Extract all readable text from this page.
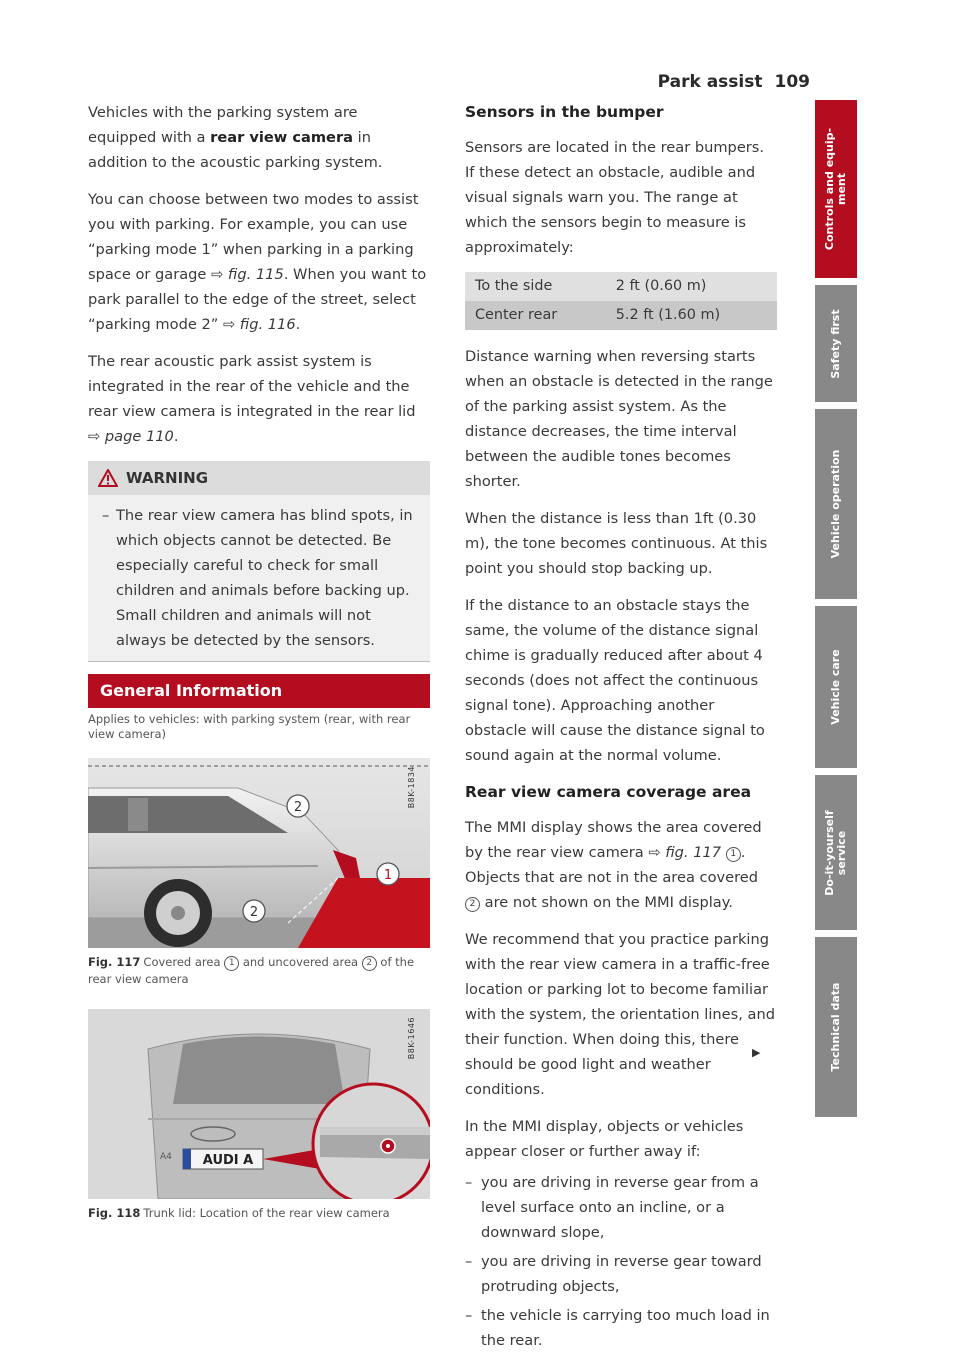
Park assist 109

Vehicles with the parking system are equipped with a rear view camera in addition to the acoustic parking system.

You can choose between two modes to assist you with parking. For example, you can use “parking mode 1” when parking in a parking space or garage ⇨ fig. 115. When you want to park parallel to the edge of the street, select “parking mode 2” ⇨ fig. 116.

The rear acoustic park assist system is integrated in the rear of the vehicle and the rear view camera is integrated in the rear lid ⇨ page 110.

WARNING
– The rear view camera has blind spots, in which objects cannot be detected. Be especially careful to check for small children and animals before backing up. Small children and animals will not always be detected by the sensors.
General Information
Applies to vehicles: with parking system (rear, with rear view camera)
2
1
2
B8K-1834
Fig. 117 Covered area 1 and uncovered area 2 of the rear view camera
AUDI A
A4
B8K-1646
Fig. 118 Trunk lid: Location of the rear view camera
Sensors in the bumper

Sensors are located in the rear bumpers. If these detect an obstacle, audible and visual signals warn you. The range at which the sensors begin to measure is approximately:

To the side	2 ft (0.60 m)
Center rear	5.2 ft (1.60 m)

Distance warning when reversing starts when an obstacle is detected in the range of the parking assist system. As the distance decreases, the time interval between the audible tones becomes shorter.

When the distance is less than 1ft (0.30 m), the tone becomes continuous. At this point you should stop backing up.

If the distance to an obstacle stays the same, the volume of the distance signal chime is gradually reduced after about 4 seconds (does not affect the continuous signal tone). Approaching another obstacle will cause the distance signal to sound again at the normal volume.

Rear view camera coverage area

The MMI display shows the area covered by the rear view camera ⇨ fig. 117 1 . Objects that are not in the area covered 2 are not shown on the MMI display.

We recommend that you practice parking with the rear view camera in a traffic-free location or parking lot to become familiar with the system, the orientation lines, and their function. When doing this, there should be good light and weather conditions.

In the MMI display, objects or vehicles appear closer or further away if:

– you are driving in reverse gear from a level surface onto an incline, or a downward slope,
– you are driving in reverse gear toward protruding objects,
– the vehicle is carrying too much load in the rear.
▶
Controls and equip-
ment
Safety first
Vehicle operation
Vehicle care
Do-it-yourself
service
Technical data
